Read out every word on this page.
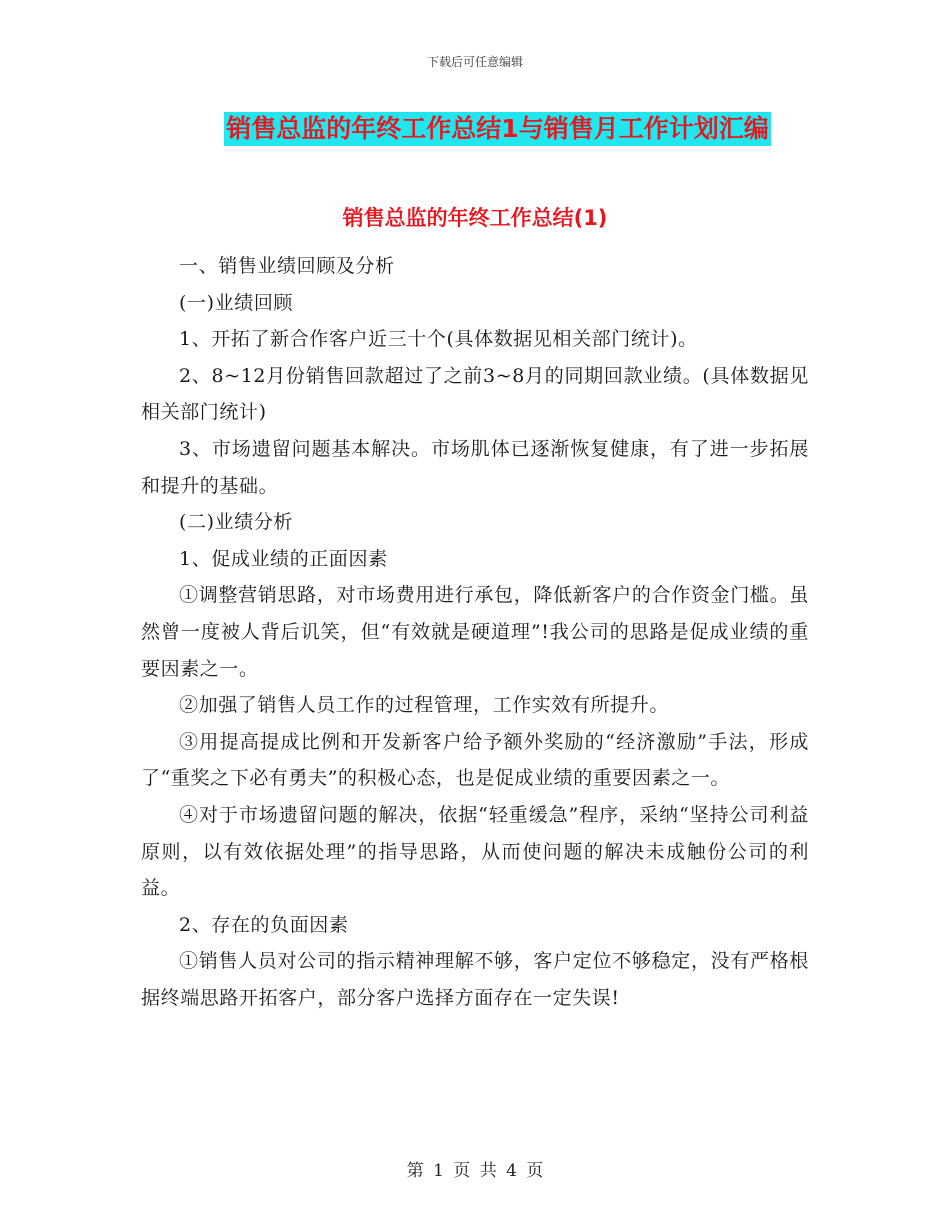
下载后可任意编辑
销售总监的年终工作总结1与销售月工作计划汇编
销售总监的年终工作总结(1)

一、销售业绩回顾及分析

(一)业绩回顾

1、开拓了新合作客户近三十个(具体数据见相关部门统计)。

2、8~12月份销售回款超过了之前3~8月的同期回款业绩。(具体数据见相关部门统计)

3、市场遗留问题基本解决。市场肌体已逐渐恢复健康，有了进一步拓展和提升的基础。

(二)业绩分析

1、促成业绩的正面因素

①调整营销思路，对市场费用进行承包，降低新客户的合作资金门槛。虽然曾一度被人背后讥笑，但“有效就是硬道理”!我公司的思路是促成业绩的重要因素之一。

②加强了销售人员工作的过程管理，工作实效有所提升。

③用提高提成比例和开发新客户给予额外奖励的“经济激励”手法，形成了“重奖之下必有勇夫”的积极心态，也是促成业绩的重要因素之一。

④对于市场遗留问题的解决，依据“轻重缓急”程序，采纳“坚持公司利益原则，以有效依据处理”的指导思路，从而使问题的解决未成触份公司的利益。

2、存在的负面因素

①销售人员对公司的指示精神理解不够，客户定位不够稳定，没有严格根据终端思路开拓客户，部分客户选择方面存在一定失误!

第 1 页 共 4 页
